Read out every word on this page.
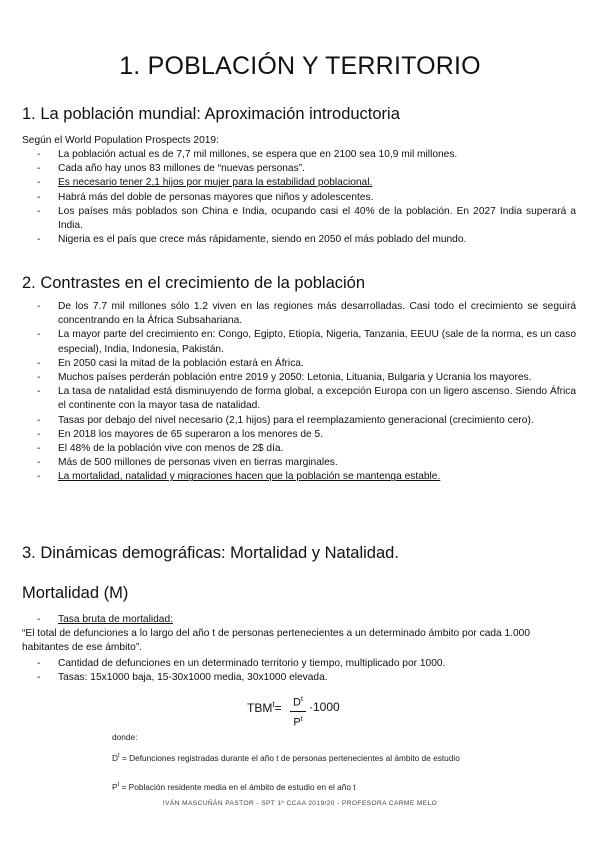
1. POBLACIÓN Y TERRITORIO
1. La población mundial: Aproximación introductoria
Según el World Population Prospects 2019:
- La población actual es de 7,7 mil millones, se espera que en 2100 sea 10,9 mil millones.
- Cada año hay unos 83 millones de “nuevas personas”.
- Es necesario tener 2,1 hijos por mujer para la estabilidad poblacional.
- Habrá más del doble de personas mayores que niños y adolescentes.
- Los países más poblados son China e India, ocupando casi el 40% de la población. En 2027 India superará a India.
- Nigeria es el país que crece más rápidamente, siendo en 2050 el más poblado del mundo.
2. Contrastes en el crecimiento de la población
- De los 7.7 mil millones sólo 1.2 viven en las regiones más desarrolladas. Casi todo el crecimiento se seguirá concentrando en la África Subsahariana.
- La mayor parte del crecimiento en: Congo, Egipto, Etiopía, Nigeria, Tanzania, EEUU (sale de la norma, es un caso especial), India, Indonesia, Pakistán.
- En 2050 casi la mitad de la población estará en África.
- Muchos países perderán población entre 2019 y 2050: Letonia, Lituania, Bulgaria y Ucrania los mayores.
- La tasa de natalidad está disminuyendo de forma global, a excepción Europa con un ligero ascenso. Siendo África el continente con la mayor tasa de natalidad.
- Tasas por debajo del nivel necesario (2,1 hijos) para el reemplazamiento generacional (crecimiento cero).
- En 2018 los mayores de 65 superaron a los menores de 5.
- El 48% de la población vive con menos de 2$ día.
- Más de 500 millones de personas viven en tierras marginales.
- La mortalidad, natalidad y migraciones hacen que la población se mantenga estable.
3. Dinámicas demográficas: Mortalidad y Natalidad.
Mortalidad (M)
- Tasa bruta de mortalidad:
“El total de defunciones a lo largo del año t de personas pertenecientes a un determinado ámbito por cada 1.000 habitantes de ese ámbito”.
- Cantidad de defunciones en un determinado territorio y tiempo, multiplicado por 1000.
- Tasas: 15x1000 baja, 15-30x1000 media, 30x1000 elevada.
$TBM^t= D^t$
$P^t$
·1000
donde:
$D^t$ = Defunciones registradas durante el año t de personas pertenecientes al ámbito de estudio
$P^t$ = Población residente media en el ámbito de estudio en el año t
IVÁN MASCUÑÁN PASTOR - SPT 1º CCAA 2019/20 - PROFESORA CARME MELO
